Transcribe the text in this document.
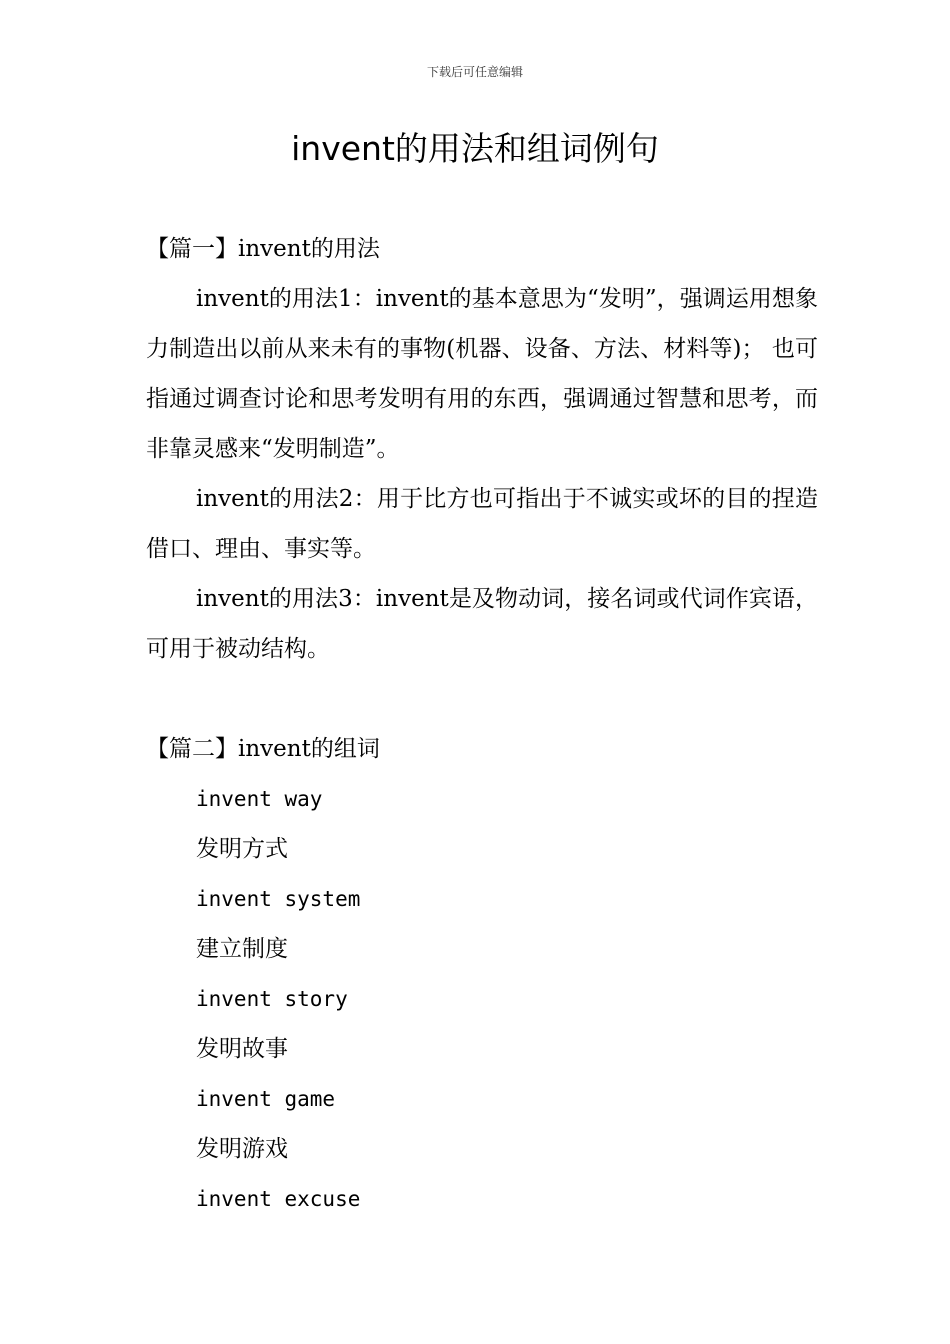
下载后可任意编辑
invent的用法和组词例句
【篇一】invent的用法

invent的用法1：invent的基本意思为“发明”，强调运用想象力制造出以前从来未有的事物(机器、设备、方法、材料等)； 也可指通过调查讨论和思考发明有用的东西，强调通过智慧和思考，而非靠灵感来“发明制造”。

invent的用法2：用于比方也可指出于不诚实或坏的目的捏造借口、理由、事实等。

invent的用法3：invent是及物动词，接名词或代词作宾语，可用于被动结构。

【篇二】invent的组词
invent way
发明方式
invent system
建立制度
invent story
发明故事
invent game
发明游戏
invent excuse
